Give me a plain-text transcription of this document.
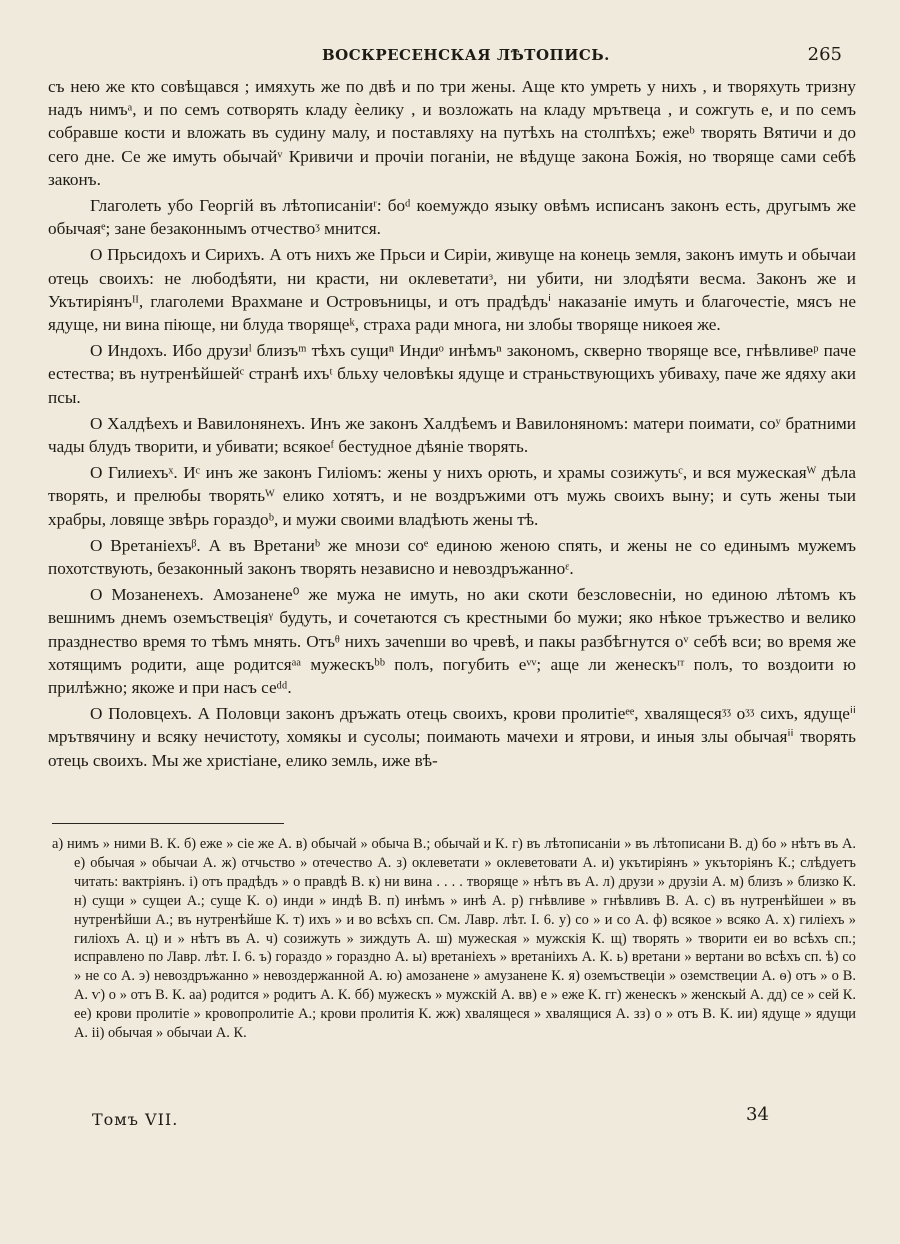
ВОСКРЕСЕНСКАЯ ЛѢТОПИСЬ.	265

съ нею же кто совѣщався ; имяхуть же по двѣ и по три жены. Аще кто умреть у нихъ , и творяхуть тризну надъ нимъᵃ, и по семъ сотворять кладу ѐелику , и возложать на кладу мрътвеца , и сожгуть е, и по семъ собравше кости и вложать въ судину малу, и поставляху на путѣхъ на столпѣхъ; ежеᵇ творять Вятичи и до сего дне. Се же имуть обычайᵛ Кривичи и прочіи поганіи, не вѣдуще закона Божія, но творяще сами себѣ законъ.

Глаголеть убо Георгій въ лѣтописаніиʳ: боᵈ коемуждо языку овѣмъ исписанъ законъ есть, другымъ же обычаяᵉ; зане безаконнымъ отчествоᶾ мнится.

О Прьсидохъ и Сирихъ. А отъ нихъ же Прьси и Сиріи, живуще на конець земля, законъ имуть и обычаи отець своихъ: не любодѣяти, ни красти, ни оклеветатиᶟ, ни убити, ни злодѣяти весма. Законъ же и Укътиріянъᴵᴵ, глаголеми Врахмане и Островъницы, и отъ прадѣдъⁱ наказаніе имуть и благочестіе, мясъ не ядуще, ни вина піюще, ни блуда творящеᵏ, страха ради многа, ни злобы творяще никоея же.

О Индохъ. Ибо друзиˡ близъᵐ тѣхъ сущиⁿ Индиᵒ инѣмъⁿ закономъ, скверно творяще все, гнѣвливеᵖ паче естества; въ нутренѣйшейᶜ странѣ ихъᵗ бльху человѣкы ядуще и страньствующихъ убиваху, паче же ядяху аки псы.

О Халдѣехъ и Вавилонянехъ. Инъ же законъ Халдѣемъ и Вавилоняномъ: матери поимати, соʸ братними чады блудъ творити, и убивати; всякоеᶠ бестудное дѣяніе творять.

О Гилиехъˣ. Иᶜ инъ же законъ Гиліомъ: жены у нихъ орють, и храмы созижутьᶜ, и вся мужескаяᵂ дѣла творять, и прелюбы творятьᵂ елико хотятъ, и не воздръжими отъ мужь своихъ выну; и суть жены тыи храбры, ловяще звѣрь гораздоᵇ, и мужи своими владѣють жены тѣ.

О Вретаніехъᵝ. А въ Вретаниᵇ же мнози соᵉ единою женою спять, и жены не со единымъ мужемъ похотствують, безаконный законъ творять независно и невоздръжанноᵋ.

О Мозаненехъ. Амозанене⁰ же мужа не имуть, но аки скоти безсловесніи, но единою лѣтомъ къ вешнимъ днемъ оземъствеціяᵞ будуть, и сочетаются съ крестными бо мужи; яко нѣкое тръжество и велико празднество время то тѣмъ мнять. Отъᶿ нихъ зачеnши во чревѣ, и пакы разбѣгнутся оᵛ себѣ вси; во время же хотящимъ родити, аще родитсяᵃᵃ мужескъᵇᵇ полъ, погубить еᵛᵛ; аще ли женескъʳʳ полъ, то воздоити ю прилѣжно; якоже и при насъ сеᵈᵈ.

О Половцехъ. А Половци законъ дръжать отець своихъ, крови пролитіеᵉᵉ, хвалящесяᶾᶾ оᶾᶾ сихъ, ядущеⁱⁱ мрътвячину и всяку нечистоту, хомякы и сусолы; поимають мачехи и ятрови, и иныя злы обычаяⁱⁱ творять отець своихъ. Мы же христіане, елико земль, иже вѣ-

а) нимъ » ними В. К. б) еже » сіе же А. в) обычай » обыча В.; обычай и К. г) въ лѣтописаніи » въ лѣтописани В. д) бо » нѣтъ въ А. е) обычая » обычаи А. ж) отчьство » отечество А. з) оклеветати » оклеветовати А. и) укътиріянъ » укъторіянъ К.; слѣдуетъ читать: вактріянъ. і) отъ прадѣдъ » о правдѣ В. к) ни вина . . . . творяще » нѣтъ въ А. л) друзи » друзіи А. м) близъ » близко К. н) сущи » сущеи А.; суще К. о) инди » индѣ В. п) инѣмъ » инѣ А. р) гнѣвливе » гнѣвливъ В. А. с) въ нутренѣйшеи » въ нутренѣйши А.; въ нутренѣйше К. т) ихъ » и во всѣхъ сп. См. Лавр. лѣт. І. 6. у) со » и со А. ф) всякое » всяко А. х) гиліехъ » гиліохъ А. ц) и » нѣтъ въ А. ч) созижуть » зиждуть А. ш) мужеская » мужскія К. щ) творять » творити еи во всѣхъ сп.; исправлено по Лавр. лѣт. І. 6. ъ) гораздо » гораздно А. ы) вретаніехъ » вретаніихъ А. К. ь) вретани » вертани во всѣхъ сп. ѣ) со » не со А. э) невоздръжанно » невоздержанной А. ю) амозанене » амузанене К. я) оземъствеціи » оземствеции А. ѳ) отъ » о В. А. ѵ) о » отъ В. К. аа) родится » родитъ А. К. бб) мужескъ » мужскій А. вв) е » еже К. гг) женескъ » женскый А. дд) се » сей К. ее) крови пролитіе » кровопролитіе А.; крови пролитія К. жж) хвалящеся » хвалящися А. зз) о » отъ В. К. ии) ядуще » ядущи А. іі) обычая » обычаи А. К.

Томъ VII.	34
